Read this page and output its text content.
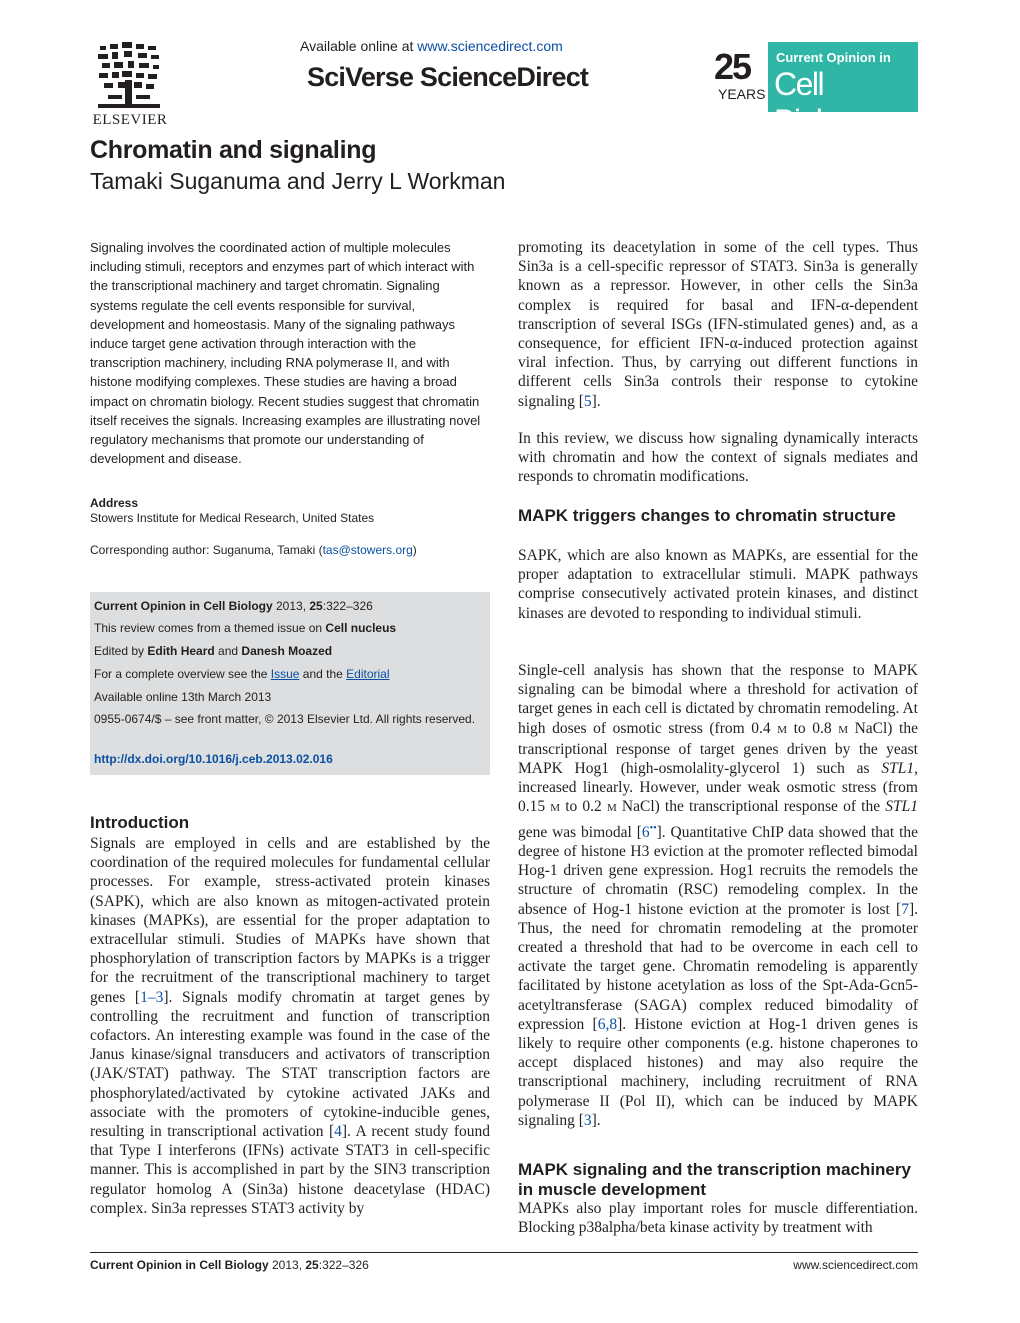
ELSEVIER
Available online at www.sciencedirect.com
SciVerse ScienceDirect	25
YEARS
Current Opinion in
Cell Biology
Chromatin and signaling
Tamaki Suganuma and Jerry L Workman
Signaling involves the coordinated action of multiple molecules including stimuli, receptors and enzymes part of which interact with the transcriptional machinery and target chromatin. Signaling systems regulate the cell events responsible for survival, development and homeostasis. Many of the signaling pathways induce target gene activation through interaction with the transcription machinery, including RNA polymerase II, and with histone modifying complexes. These studies are having a broad impact on chromatin biology. Recent studies suggest that chromatin itself receives the signals. Increasing examples are illustrating novel regulatory mechanisms that promote our understanding of development and disease.
Address
Stowers Institute for Medical Research, United States
Corresponding author: Suganuma, Tamaki (tas@stowers.org)
Current Opinion in Cell Biology 2013, 25:322–326
This review comes from a themed issue on Cell nucleus
Edited by Edith Heard and Danesh Moazed
For a complete overview see the Issue and the Editorial
Available online 13th March 2013
0955-0674/$ – see front matter, © 2013 Elsevier Ltd. All rights reserved.
http://dx.doi.org/10.1016/j.ceb.2013.02.016
Introduction
Signals are employed in cells and are established by the coordination of the required molecules for fundamental cellular processes. For example, stress-activated protein kinases (SAPK), which are also known as mitogen-activated protein kinases (MAPKs), are essential for the proper adaptation to extracellular stimuli. Studies of MAPKs have shown that phosphorylation of transcription factors by MAPKs is a trigger for the recruitment of the transcriptional machinery to target genes [1–3]. Signals modify chromatin at target genes by controlling the recruitment and function of transcription cofactors. An interesting example was found in the case of the Janus kinase/signal transducers and activators of transcription (JAK/STAT) pathway. The STAT transcription factors are phosphorylated/activated by cytokine activated JAKs and associate with the promoters of cytokine-inducible genes, resulting in transcriptional activation [4]. A recent study found that Type I interferons (IFNs) activate STAT3 in cell-specific manner. This is accomplished in part by the SIN3 transcription regulator homolog A (Sin3a) histone deacetylase (HDAC) complex. Sin3a represses STAT3 activity by
promoting its deacetylation in some of the cell types. Thus Sin3a is a cell-specific repressor of STAT3. Sin3a is generally known as a repressor. However, in other cells the Sin3a complex is required for basal and IFN-α-dependent transcription of several ISGs (IFN-stimulated genes) and, as a consequence, for efficient IFN-α-induced protection against viral infection. Thus, by carrying out different functions in different cells Sin3a controls their response to cytokine signaling [5].
In this review, we discuss how signaling dynamically interacts with chromatin and how the context of signals mediates and responds to chromatin modifications.
MAPK triggers changes to chromatin structure
SAPK, which are also known as MAPKs, are essential for the proper adaptation to extracellular stimuli. MAPK pathways comprise consecutively activated protein kinases, and distinct kinases are devoted to responding to individual stimuli.
Single-cell analysis has shown that the response to MAPK signaling can be bimodal where a threshold for activation of target genes in each cell is dictated by chromatin remodeling. At high doses of osmotic stress (from 0.4 M to 0.8 M NaCl) the transcriptional response of target genes driven by the yeast MAPK Hog1 (high-osmolality-glycerol 1) such as STL1, increased linearly. However, under weak osmotic stress (from 0.15 M to 0.2 M NaCl) the transcriptional response of the STL1 gene was bimodal [6••]. Quantitative ChIP data showed that the degree of histone H3 eviction at the promoter reflected bimodal Hog-1 driven gene expression. Hog1 recruits the remodels the structure of chromatin (RSC) remodeling complex. In the absence of Hog-1 histone eviction at the promoter is lost [7]. Thus, the need for chromatin remodeling at the promoter created a threshold that had to be overcome in each cell to activate the target gene. Chromatin remodeling is apparently facilitated by histone acetylation as loss of the Spt-Ada-Gcn5-acetyltransferase (SAGA) complex reduced bimodality of expression [6,8]. Histone eviction at Hog-1 driven genes is likely to require other components (e.g. histone chaperones to accept displaced histones) and may also require the transcriptional machinery, including recruitment of RNA polymerase II (Pol II), which can be induced by MAPK signaling [3].
MAPK signaling and the transcription machinery in muscle development
MAPKs also play important roles for muscle differentiation. Blocking p38alpha/beta kinase activity by treatment with
Current Opinion in Cell Biology 2013, 25:322–326	www.sciencedirect.com
